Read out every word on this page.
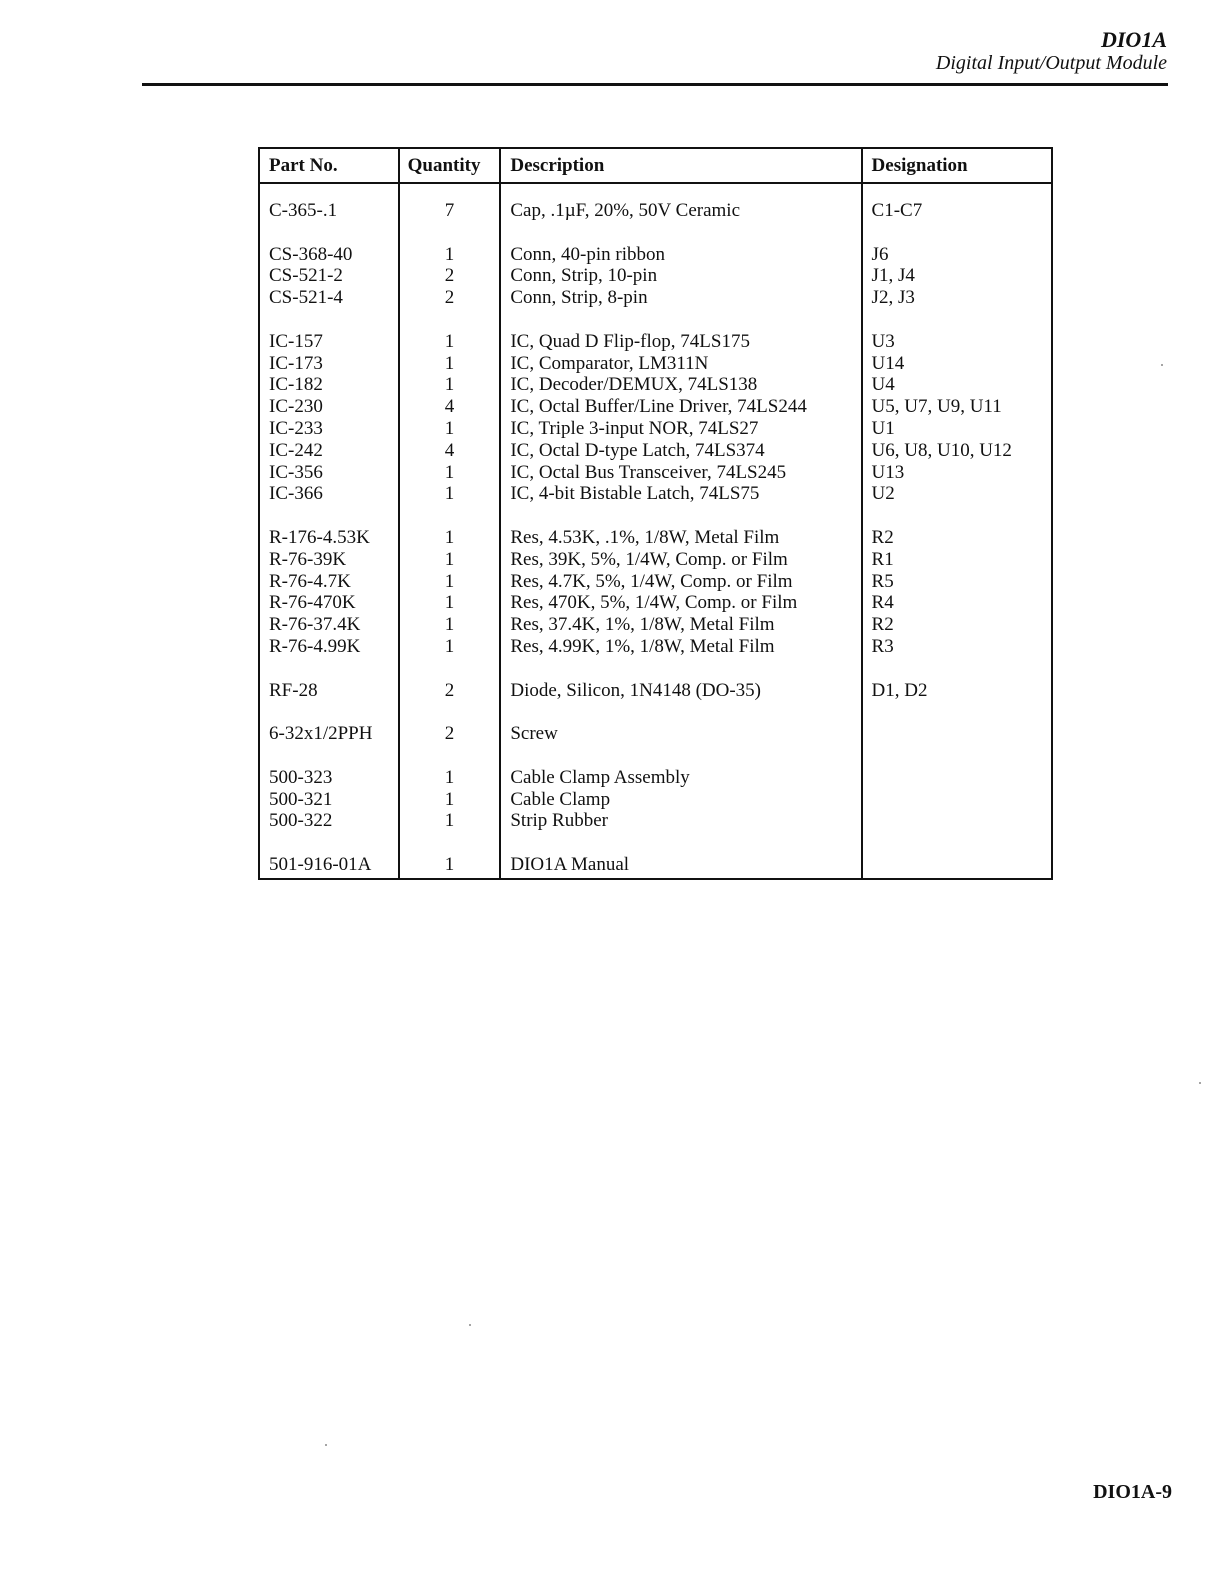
DIO1A
Digital Input/Output Module
Part No.	Quantity	Description	Designation
C-365-.1	7	Cap, .1µF, 20%, 50V Ceramic	C1-C7

CS-368-40	1	Conn, 40-pin ribbon	J6
CS-521-2	2	Conn, Strip, 10-pin	J1, J4
CS-521-4	2	Conn, Strip, 8-pin	J2, J3

IC-157	1	IC, Quad D Flip-flop, 74LS175	U3
IC-173	1	IC, Comparator, LM311N	U14
IC-182	1	IC, Decoder/DEMUX, 74LS138	U4
IC-230	4	IC, Octal Buffer/Line Driver, 74LS244	U5, U7, U9, U11
IC-233	1	IC, Triple 3-input NOR, 74LS27	U1
IC-242	4	IC, Octal D-type Latch, 74LS374	U6, U8, U10, U12
IC-356	1	IC, Octal Bus Transceiver, 74LS245	U13
IC-366	1	IC, 4-bit Bistable Latch, 74LS75	U2

R-176-4.53K	1	Res, 4.53K, .1%, 1/8W, Metal Film	R2
R-76-39K	1	Res, 39K, 5%, 1/4W, Comp. or Film	R1
R-76-4.7K	1	Res, 4.7K, 5%, 1/4W, Comp. or Film	R5
R-76-470K	1	Res, 470K, 5%, 1/4W, Comp. or Film	R4
R-76-37.4K	1	Res, 37.4K, 1%, 1/8W, Metal Film	R2
R-76-4.99K	1	Res, 4.99K, 1%, 1/8W, Metal Film	R3

RF-28	2	Diode, Silicon, 1N4148 (DO-35)	D1, D2

6-32x1/2PPH	2	Screw	

500-323	1	Cable Clamp Assembly	
500-321	1	Cable Clamp	
500-322	1	Strip Rubber	

501-916-01A	1	DIO1A Manual	
DIO1A-9
